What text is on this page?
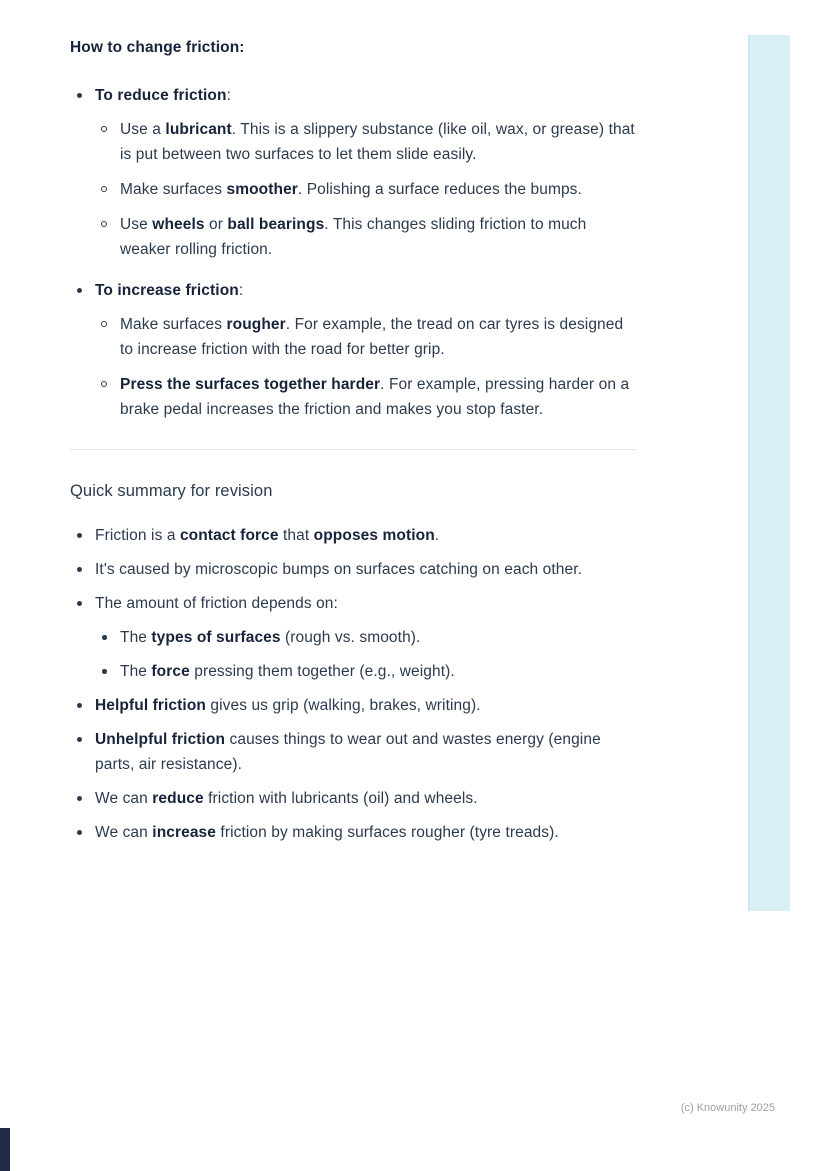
How to change friction:
To reduce friction:
Use a lubricant. This is a slippery substance (like oil, wax, or grease) that is put between two surfaces to let them slide easily.
Make surfaces smoother. Polishing a surface reduces the bumps.
Use wheels or ball bearings. This changes sliding friction to much weaker rolling friction.
To increase friction:
Make surfaces rougher. For example, the tread on car tyres is designed to increase friction with the road for better grip.
Press the surfaces together harder. For example, pressing harder on a brake pedal increases the friction and makes you stop faster.
Quick summary for revision
Friction is a contact force that opposes motion.
It's caused by microscopic bumps on surfaces catching on each other.
The amount of friction depends on:
The types of surfaces (rough vs. smooth).
The force pressing them together (e.g., weight).
Helpful friction gives us grip (walking, brakes, writing).
Unhelpful friction causes things to wear out and wastes energy (engine parts, air resistance).
We can reduce friction with lubricants (oil) and wheels.
We can increase friction by making surfaces rougher (tyre treads).
(c) Knowunity 2025
